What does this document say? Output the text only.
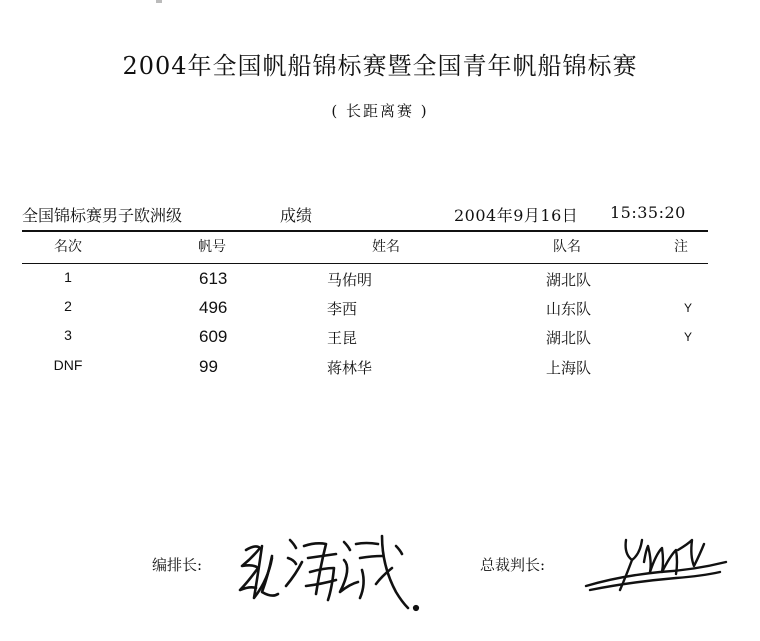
2004年全国帆船锦标赛暨全国青年帆船锦标赛
( 长距离赛 )
全国锦标赛男子欧洲级	成绩	2004年9月16日 15:35:20
名次	帆号	姓名	队名	注
1	613	马佑明	湖北队
2	496	李西	山东队	Y
3	609	王昆	湖北队	Y
DNF	99	蒋林华	上海队
编排长:	总裁判长:
